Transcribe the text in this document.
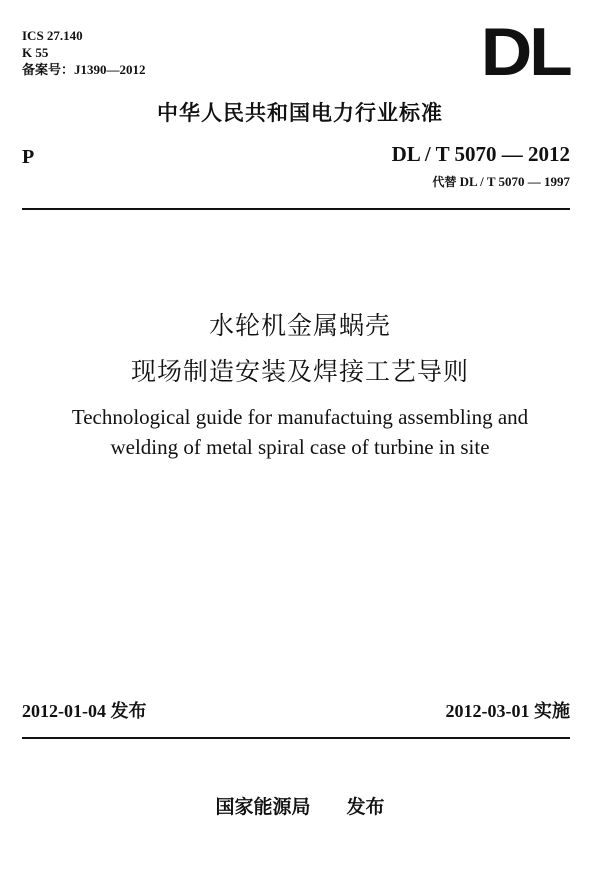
ICS 27.140
K 55
备案号：J1390—2012	DL
中华人民共和国电力行业标准
P	DL / T 5070 — 2012
代替 DL / T 5070 — 1997
水轮机金属蜗壳
现场制造安装及焊接工艺导则
Technological guide for manufactuing assembling and
welding of metal spiral case of turbine in site
2012-01-04 发布	2012-03-01 实施
国家能源局 发布
